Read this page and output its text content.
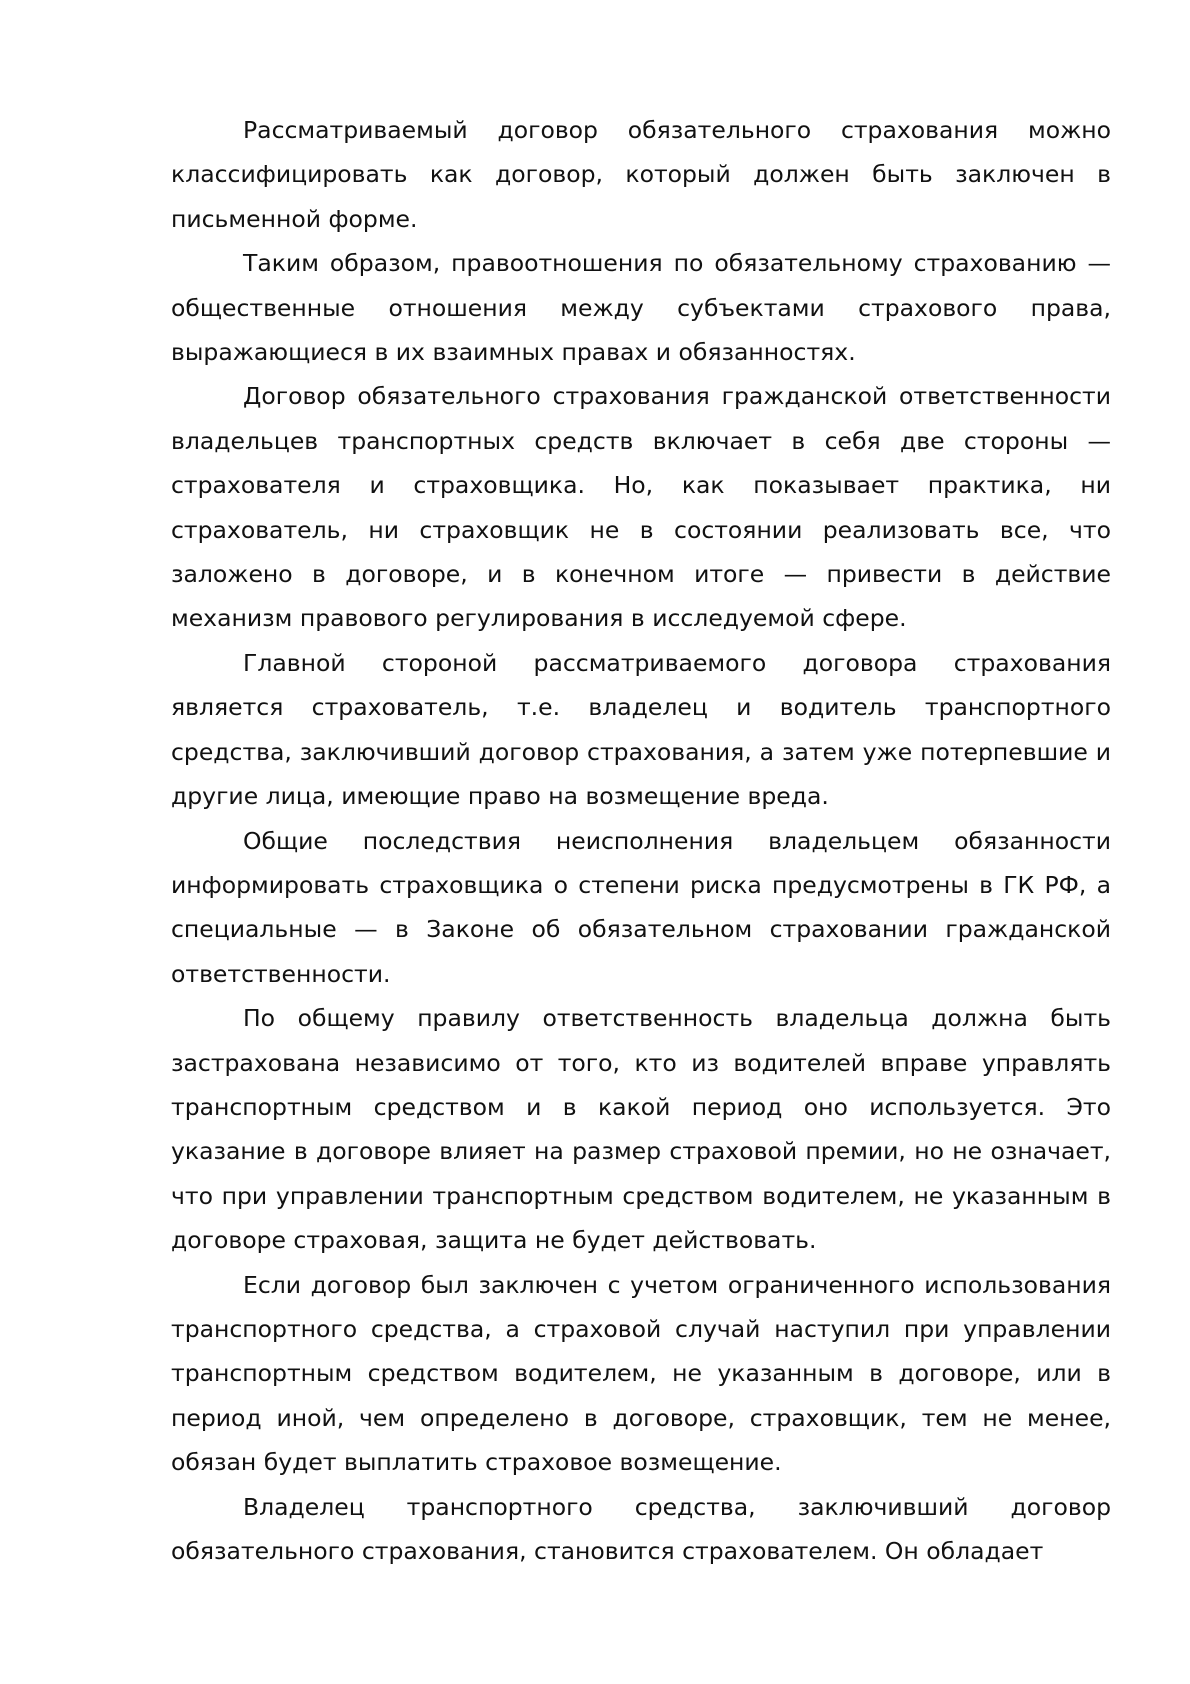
Рассматриваемый договор обязательного страхования можно классифицировать как договор, который должен быть заключен в письменной форме.

Таким образом, правоотношения по обязательному страхованию — общественные отношения между субъектами страхового права, выражающиеся в их взаимных правах и обязанностях.

Договор обязательного страхования гражданской ответственности владельцев транспортных средств включает в себя две стороны — страхователя и страховщика. Но, как показывает практика, ни страхователь, ни страховщик не в состоянии реализовать все, что заложено в договоре, и в конечном итоге — привести в действие механизм правового регулирования в исследуемой сфере.

Главной стороной рассматриваемого договора страхования является страхователь, т.е. владелец и водитель транспортного средства, заключивший договор страхования, а затем уже потерпевшие и другие лица, имеющие право на возмещение вреда.

Общие последствия неисполнения владельцем обязанности информировать страховщика о степени риска предусмотрены в ГК РФ, а специальные — в Законе об обязательном страховании гражданской ответственности.

По общему правилу ответственность владельца должна быть застрахована независимо от того, кто из водителей вправе управлять транспортным средством и в какой период оно используется. Это указание в договоре влияет на размер страховой премии, но не означает, что при управлении транспортным средством водителем, не указанным в договоре страховая, защита не будет действовать.

Если договор был заключен с учетом ограниченного использования транспортного средства, а страховой случай наступил при управлении транспортным средством водителем, не указанным в договоре, или в период иной, чем определено в договоре, страховщик, тем не менее, обязан будет выплатить страховое возмещение.

Владелец транспортного средства, заключивший договор обязательного страхования, становится страхователем. Он обладает
